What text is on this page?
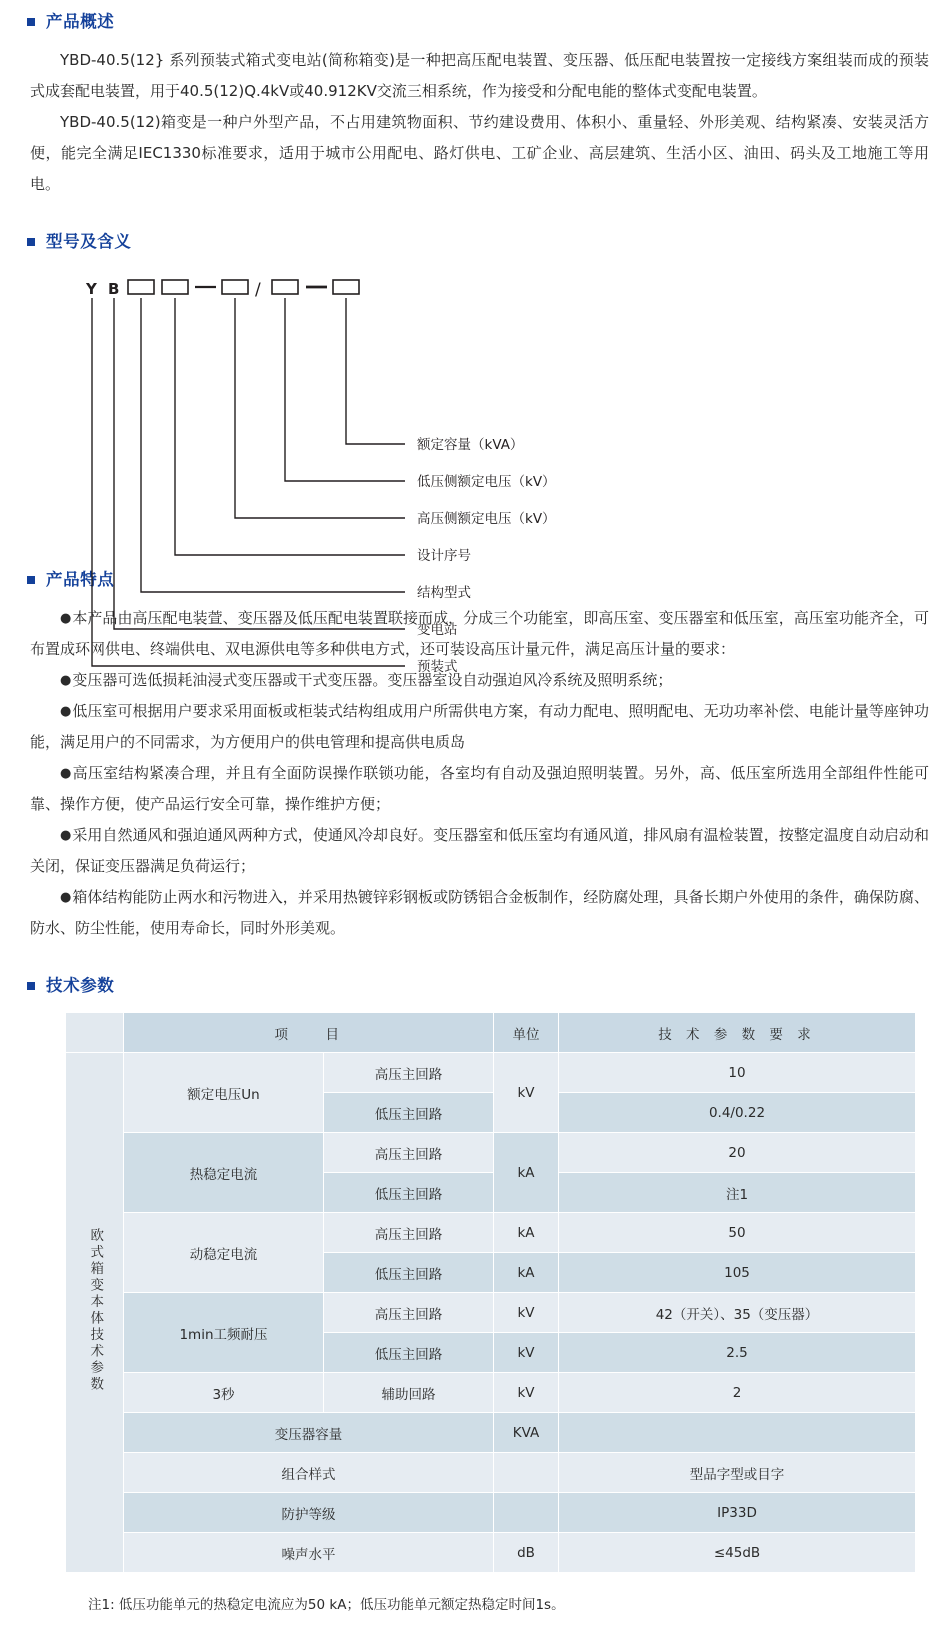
产品概述

YBD-40.5(12} 系列预装式箱式变电站(简称箱变)是一种把高压配电装置、变压器、低压配电装置按一定接线方案组装而成的预装式成套配电装置，用于40.5(12)Q.4kV或40.912KV交流三相系统，作为接受和分配电能的整体式变配电装置。

YBD-40.5(12)箱变是一种户外型产品，不占用建筑物面积、节约建设费用、体积小、重量轻、外形美观、结构紧凑、安装灵活方便，能完全满足IEC1330标准要求，适用于城市公用配电、路灯供电、工矿企业、高层建筑、生活小区、油田、码头及工地施工等用电。

型号及含义
Y B	/
额定容量（kVA）
低压侧额定电压（kV）
高压侧额定电压（kV）
设计序号
结构型式
变电站
预装式
产品特点

●本产品由高压配电装萱、变压器及低压配电装置联接而成，分成三个功能室，即高压室、变压器室和低压室，高压室功能齐全，可布置成环网供电、终端供电、双电源供电等多种供电方式，还可装设高压计量元件，满足高压计量的要求：

●变压器可选低损耗油浸式变压器或干式变压器。变压器室设自动强迫风冷系统及照明系统；

●低压室可根据用户要求采用面板或柜装式结构组成用户所需供电方案，有动力配电、照明配电、无功功率补偿、电能计量等座钟功能，满足用户的不同需求，为方便用户的供电管理和提高供电质岛

●高压室结构紧凑合理，并且有全面防误操作联锁功能，各室均有自动及强迫照明装置。另外，高、低压室所选用全部组件性能可靠、操作方便，使产品运行安全可靠，操作维护方便；

●采用自然通风和强迫通风两种方式，使通风冷却良好。变压器室和低压室均有通风道，排风扇有温检装置，按整定温度自动启动和关闭，保证变压器满足负荷运行；

●箱体结构能防止两水和污物进入，并采用热镀锌彩钢板或防锈铝合金板制作，经防腐处理，具备长期户外使用的条件，确保防腐、防水、防尘性能，使用寿命长，同时外形美观。

技术参数
	项　　目		单位	技 术 参 数 要 求
欧式箱变本体技术参数	额定电压Un	高压主回路	kV	10
		低压主回路		0.4/0.22
	热稳定电流	高压主回路	kA	20
		低压主回路		注1
	动稳定电流	高压主回路	kA	50
		低压主回路	kA	105
	1min工频耐压	高压主回路	kV	42（开关）、35（变压器）
		低压主回路	kV	2.5
	3秒	辅助回路	kV	2
	变压器容量		KVA	
	组合样式			型品字型或目字
	防护等级			IP33D
	噪声水平		dB	≤45dB

注1: 低压功能单元的热稳定电流应为50 kA；低压功能单元额定热稳定时间1s。
